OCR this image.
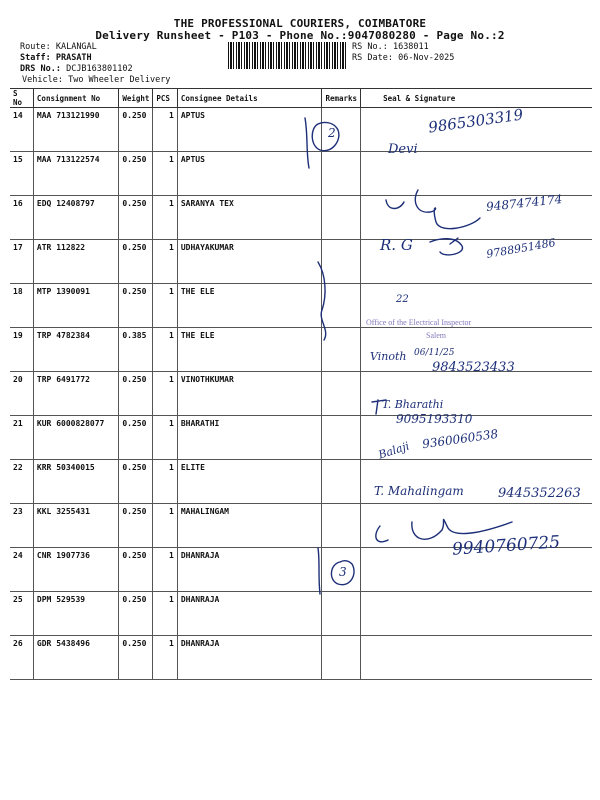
THE PROFESSIONAL COURIERS, COIMBATORE
Delivery Runsheet - P103 - Phone No.:9047080280 - Page No.:2
Route: KALANGAL
Staff: PRASATH
DRS No.: DCJB163801102
Vehicle: Two Wheeler Delivery
RS No.: 1638011
RS Date: 06-Nov-2025
S No	Consignment No	Weight	PCS	Consignee Details	Remarks	Seal & Signature
14	MAA 713121990	0.250	1	APTUS		
15	MAA 713122574	0.250	1	APTUS		
16	EDQ 12408797	0.250	1	SARANYA TEX		
17	ATR 112822	0.250	1	UDHAYAKUMAR		
18	MTP 1390091	0.250	1	THE ELE		
19	TRP 4782384	0.385	1	THE ELE		
20	TRP 6491772	0.250	1	VINOTHKUMAR		
21	KUR 6000828077	0.250	1	BHARATHI		
22	KRR 50340015	0.250	1	ELITE		
23	KKL 3255431	0.250	1	MAHALINGAM		
24	CNR 1907736	0.250	1	DHANRAJA		
25	DPM 529539	0.250	1	DHANRAJA		
26	GDR 5438496	0.250	1	DHANRAJA		
2
3
Devi
9865303319
9487474174
R. G	9788951486
22
Office of the Electrical Inspector
Salem
Vinoth 06/11/25
9843523433
T. Bharathi
9095193310
Balaji 9360060538
T. Mahalingam	9445352263
9940760725
